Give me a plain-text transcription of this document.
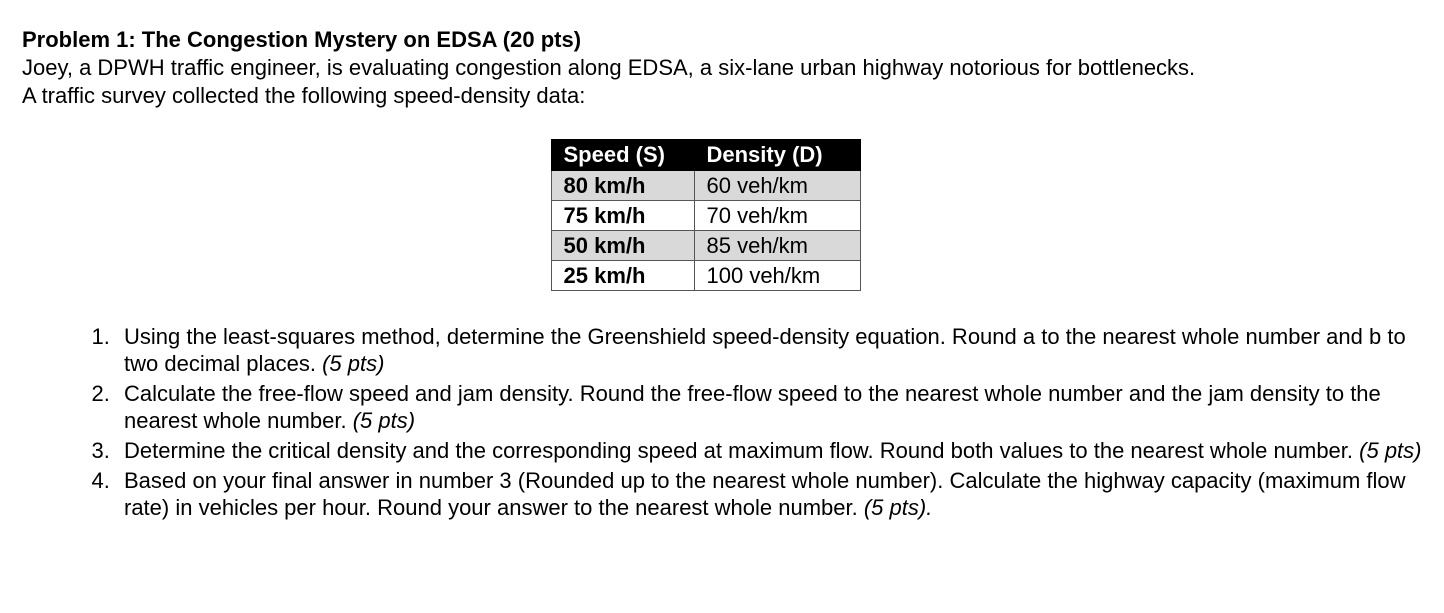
Problem 1: The Congestion Mystery on EDSA (20 pts)

Joey, a DPWH traffic engineer, is evaluating congestion along EDSA, a six-lane urban highway notorious for bottlenecks.

A traffic survey collected the following speed-density data:

Speed (S)	Density (D)
80 km/h	60 veh/km
75 km/h	70 veh/km
50 km/h	85 veh/km
25 km/h	100 veh/km
1. Using the least-squares method, determine the Greenshield speed-density equation. Round a to the nearest whole number and b to two decimal places. (5 pts)
2. Calculate the free-flow speed and jam density. Round the free-flow speed to the nearest whole number and the jam density to the nearest whole number. (5 pts)
3. Determine the critical density and the corresponding speed at maximum flow. Round both values to the nearest whole number. (5 pts)
4. Based on your final answer in number 3 (Rounded up to the nearest whole number). Calculate the highway capacity (maximum flow rate) in vehicles per hour. Round your answer to the nearest whole number. (5 pts).
